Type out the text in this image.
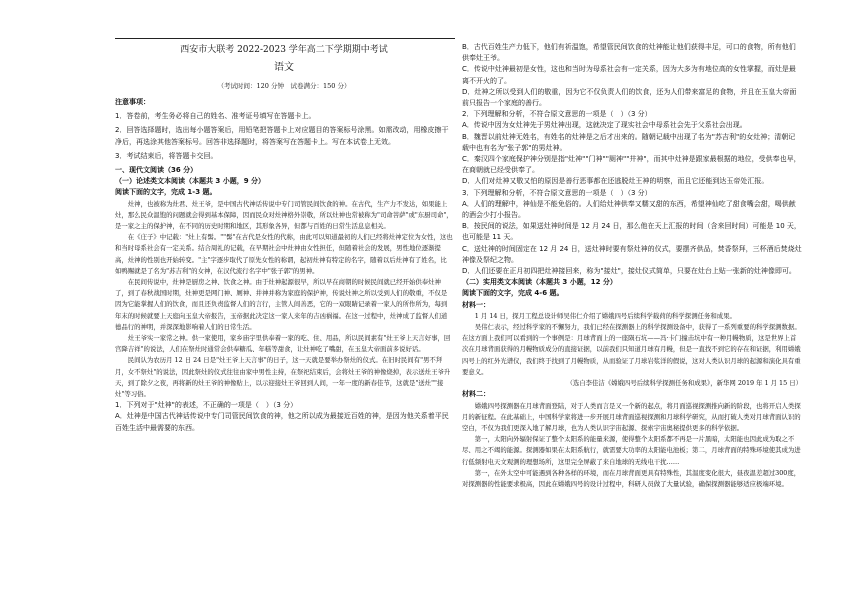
西安市大联考 2022-2023 学年高二下学期期中考试
语文
（考试时间：120 分钟　试卷满分：150 分）
注意事项：
1．答卷前，考生务必将自己的姓名、准考证号填写在答题卡上。
2．回答选择题时，选出每小题答案后，用铅笔把答题卡上对应题目的答案标号涂黑。如需改动，用橡皮擦干净后，再选涂其他答案标号。回答非选择题时，将答案写在答题卡上。写在本试卷上无效。
3．考试结束后，将答题卡交回。
一、现代文阅读（36 分）
（一）论述类文本阅读（本题共 3 小题，9 分）
阅读下面的文字，完成 1-3 题。

灶神，也被称为灶君、灶王爷，是中国古代神话传说中专门司管民间饮食的神。在古代，生产力不发达，如果能上灶，那么民众温饱的问题就会得到基本保障，因而民众对灶神格外崇敬，所以灶神也常被称为"司命菩萨"或"东厨司命"，是一家之主的保护神，在不同的历史时期和地区，其形象各异，但都与百姓的日常生活息息相关。

在《庄子》中记载："灶上有髻。""髻"在古代是女性的代称，由此可以知道最初的人们已经将灶神定位为女性，这也和当时母系社会有一定关系。结合周礼的记载，在早期社会中灶神由女性担任，但随着社会的发展，男性地位逐渐提高，灶神的性别也开始转变。"主"字逐步取代了原先女性的称谓，起初灶神有特定的名字，随着以后灶神有了姓名，比如鸭赐就是了名为"苏吉利"的女神，在汉代流行名字中"张子郭"的男神。

在民间传说中，灶神是厨房之神、饮食之神。由于灶神起源很早，所以早在商朝的时候民间就已经开始供奉灶神了，到了春秋战国时期，灶神更是网门神、厕神、井神并称为家庭的保护神，传说灶神之所以受到人们的敬重，不仅是因为它能掌握人们的饮食，而且还负责监督人们的言行，主管人间善恶，它的一双眼睛记录着一家人的所作所为，每到年末的时候就要上天庭向玉皇大帝报告，玉帝据此决定这一家人来年的吉凶祸福。在这一过程中，灶神成了监督人们道德品行的神明，并深深地影响着人们的日常生活。

灶王爷实一家常之神。供一家使用，家乡庙宇里供奉着一家的吃、住、用品，所以民间素有"灶王爷上天言好事，回宫降吉祥"的说法，人们在祭灶时通常会供奉糖瓜、年糕等甜食，让灶神吃了嘴甜，在玉皇大帝面前多说好话。

民间认为农历月 12 日 24 日是"灶王爷上天言事"的日子，这一天就是要举办祭灶的仪式。在旧时民间有"男不拜月，女不祭灶"的说法，因此祭灶的仪式往往由家中男性主持，在祭祀结束后，会将灶王爷的神像烧掉，表示送灶王爷升天，到了除夕之夜，再将新的灶王爷的神像贴上，以示迎接灶王爷回到人间，一年一度的新春佳节，这就是"送灶""接灶"等习俗。

1．下列对于"灶神"的表述，不正确的一项是（　）（3 分）
A．灶神是中国古代神话传说中专门司管民间饮食的神，他之所以成为最接近百姓的神，是因为他关系着平民百姓生活中最需要的东西。
B．古代百姓生产力低下，他们有祈温饱，希望管民间饮食的灶神能让他们获得丰足，可口的食物，所有他们供奉灶王爷。
C．传说中灶神最初是女性，这也和当时为母系社会有一定关系，因为大多为有地位高的女性掌握，而灶是最离不开火的了。
D．灶神之所以受到人们的敬重，因为它不仅负责人们的饮食，还为人们带来富足的食物，并且在玉皇大帝面前只报告一个家庭的善行。
2．下列理解和分析，不符合原文意思的一项是（　）（3 分）
A．传说中因为女灶神先于男灶神出现，这就决定了现实社会中母系社会先于父系社会出现。
B．魏晋以前灶神无姓名，有姓名的灶神是之后才出来的。随朝记载中出现了名为"苏吉利"的女灶神；清朝记载中也有名为"张子郭"的男灶神。
C．秦汉四个家庭保护神分别是指"灶神""门神""厕神""井神"，而其中灶神是跟家最根据的地位，受供奉也早，在商朝就已经受供奉了。
D．人们对灶神又敬又怕的原因是善行恶事都在还逃脱灶王神的明察，而且它还能到达玉帝处汇报。
3．下列理解和分析，不符合原文意思的一项是（　）（3 分）
A．人们的理解中，神仙是不能免俗的。人们给灶神供奉又糯又甜的东西，希望神仙吃了甜食嘴会甜，喝供献的酒会少打小报告。
B．按民间的说法，如果送灶神时间是 12 月 24 日，那么他在天上汇报的时间（含来回时间）可能是 10 天，也可能是 11 天。
C．送灶神的时间固定在 12 月 24 日，送灶神时要有祭灶神的仪式，要摆齐供品，焚香祭拜，三杯酒后焚烧灶神像及祭纪之物。
D．人们还要在正月初四把灶神接回来，称为"接灶"，接灶仪式简单，只要在灶台上贴一张新的灶神像即可。
（二）实用类文本阅读（本题共 3 小题，12 分）
阅读下面的文字，完成 4-6 题。
材料一：

1 月 14 日，探月工程总设计师吴伟仁介绍了嫦娥四号后续科学载荷的科学探测任务和成果。

吴伟仁表示，经过科学家的不懈努力，我们已经在探测器上的科学探测设备中，获得了一系列重要的科学探测数据。在这方面上我们可以看到的一个事例是：月球背面上的一座陨石坑——冯·卡门撞击坑中有一种月幔物质，这是世界上首次在月球背面获得的月幔物质成分的直接证据，以前我们只知道月球有月幔，但是一直找不到它的存在和证据，利用嫦娥四号上的红外光谱仪，我们终于找到了月幔物质，从而验证了月球岩浆洋的假说，这对人类认识月球的起源和演化具有重要意义。

（选自李佳洁《嫦娥四号后续科学探测任务和成果》，新华网 2019 年 1 月 15 日）

材料二：

嫦娥四号探测器在月球背面登陆，对于人类而言是又一个新的起点，将月面巡视探测推向新的阶段，也将开启人类探月的新征程。在此基础上，中国科学家将进一步开展月球背面巡视探测和月球科学研究，从而打破人类对月球背面认识的空白，不仅为我们更深入地了解月球，也为人类认识宇宙起源、探索宇宙奥秘提供更多的科学依据。

第一，太阳向外辐射保证了整个太阳系的能量来源，使得整个太阳系都不再是一片黑暗，太阳能也因此成为取之不尽、用之不竭的能源。探测器如果在太阳系航行，就需要大功率的太阳能电池板；第二，月球背面的特殊环境使其成为进行低频射电天文观测的理想场所，这里完全屏蔽了来自地球的无线电干扰……

第一，在外太空中可能遇到各种各样的环境，而在月球背面更具有特殊性，其温度变化很大，昼夜温差超过300度，对探测器的性能要求极高，因此在嫦娥四号的设计过程中，科研人员做了大量试验，确保探测器能够适应极端环境。
